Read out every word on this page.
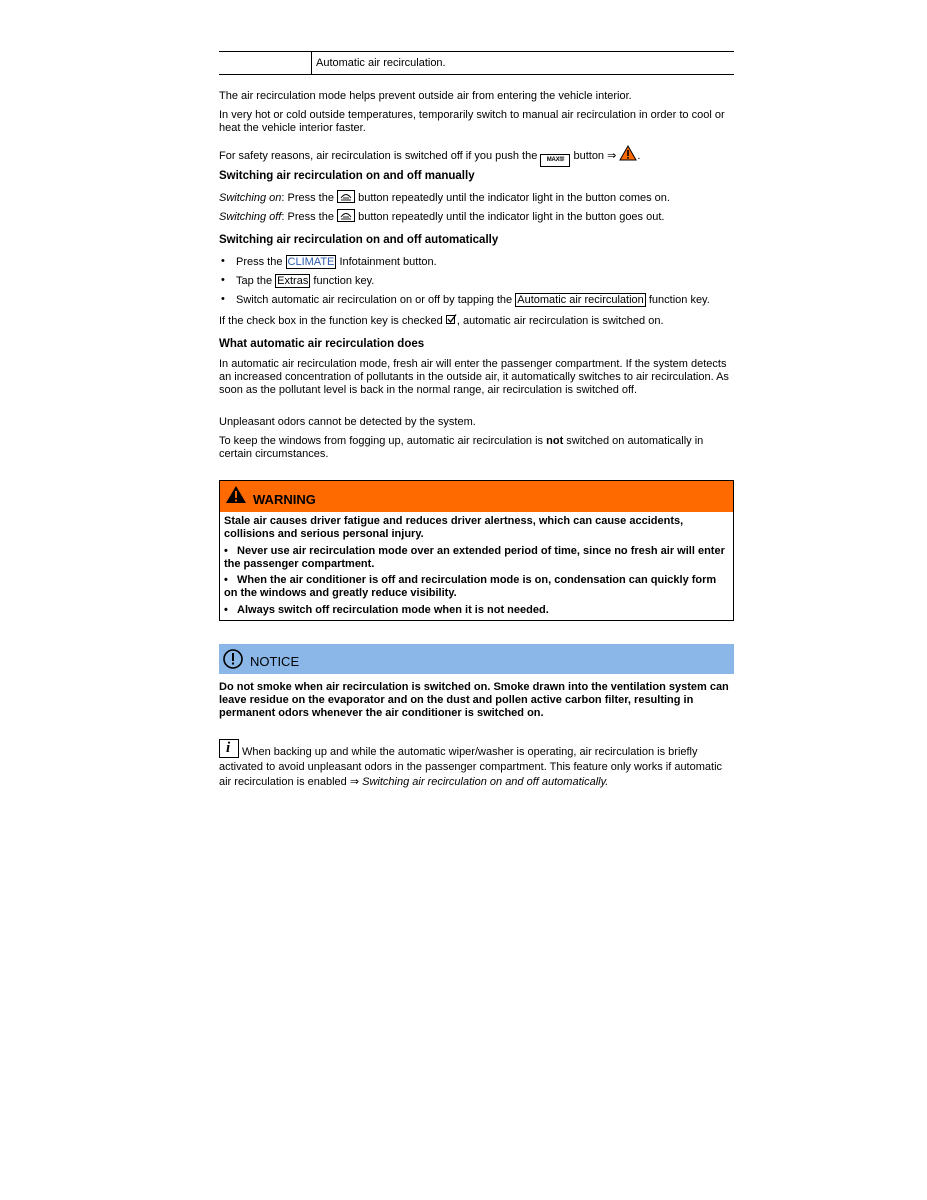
Automatic air recirculation.

The air recirculation mode helps prevent outside air from entering the vehicle interior.

In very hot or cold outside temperatures, temporarily switch to manual air recirculation in order to cool or heat the vehicle interior faster.

For safety reasons, air recirculation is switched off if you push the MAX⛆ button ⇒ .

Switching air recirculation on and off manually

Switching on: Press the button repeatedly until the indicator light in the button comes on.

Switching off: Press the button repeatedly until the indicator light in the button goes out.

Switching air recirculation on and off automatically
• Press the CLIMATE Infotainment button.
• Tap the Extras function key.
• Switch automatic air recirculation on or off by tapping the Automatic air recirculation function key.

If the check box in the function key is checked , automatic air recirculation is switched on.

What automatic air recirculation does

In automatic air recirculation mode, fresh air will enter the passenger compartment. If the system detects an increased concentration of pollutants in the outside air, it automatically switches to air recirculation. As soon as the pollutant level is back in the normal range, air recirculation is switched off.

Unpleasant odors cannot be detected by the system.

To keep the windows from fogging up, automatic air recirculation is not switched on automatically in certain circumstances.

WARNING

Stale air causes driver fatigue and reduces driver alertness, which can cause accidents, collisions and serious personal injury.

•   Never use air recirculation mode over an extended period of time, since no fresh air will enter the passenger compartment.

•   When the air conditioner is off and recirculation mode is on, condensation can quickly form on the windows and greatly reduce visibility.

•   Always switch off recirculation mode when it is not needed.

NOTICE

Do not smoke when air recirculation is switched on. Smoke drawn into the ventilation system can leave residue on the evaporator and on the dust and pollen active carbon filter, resulting in permanent odors whenever the air conditioner is switched on.

i When backing up and while the automatic wiper/washer is operating, air recirculation is briefly activated to avoid unpleasant odors in the passenger compartment. This feature only works if automatic air recirculation is enabled ⇒ Switching air recirculation on and off automatically.
